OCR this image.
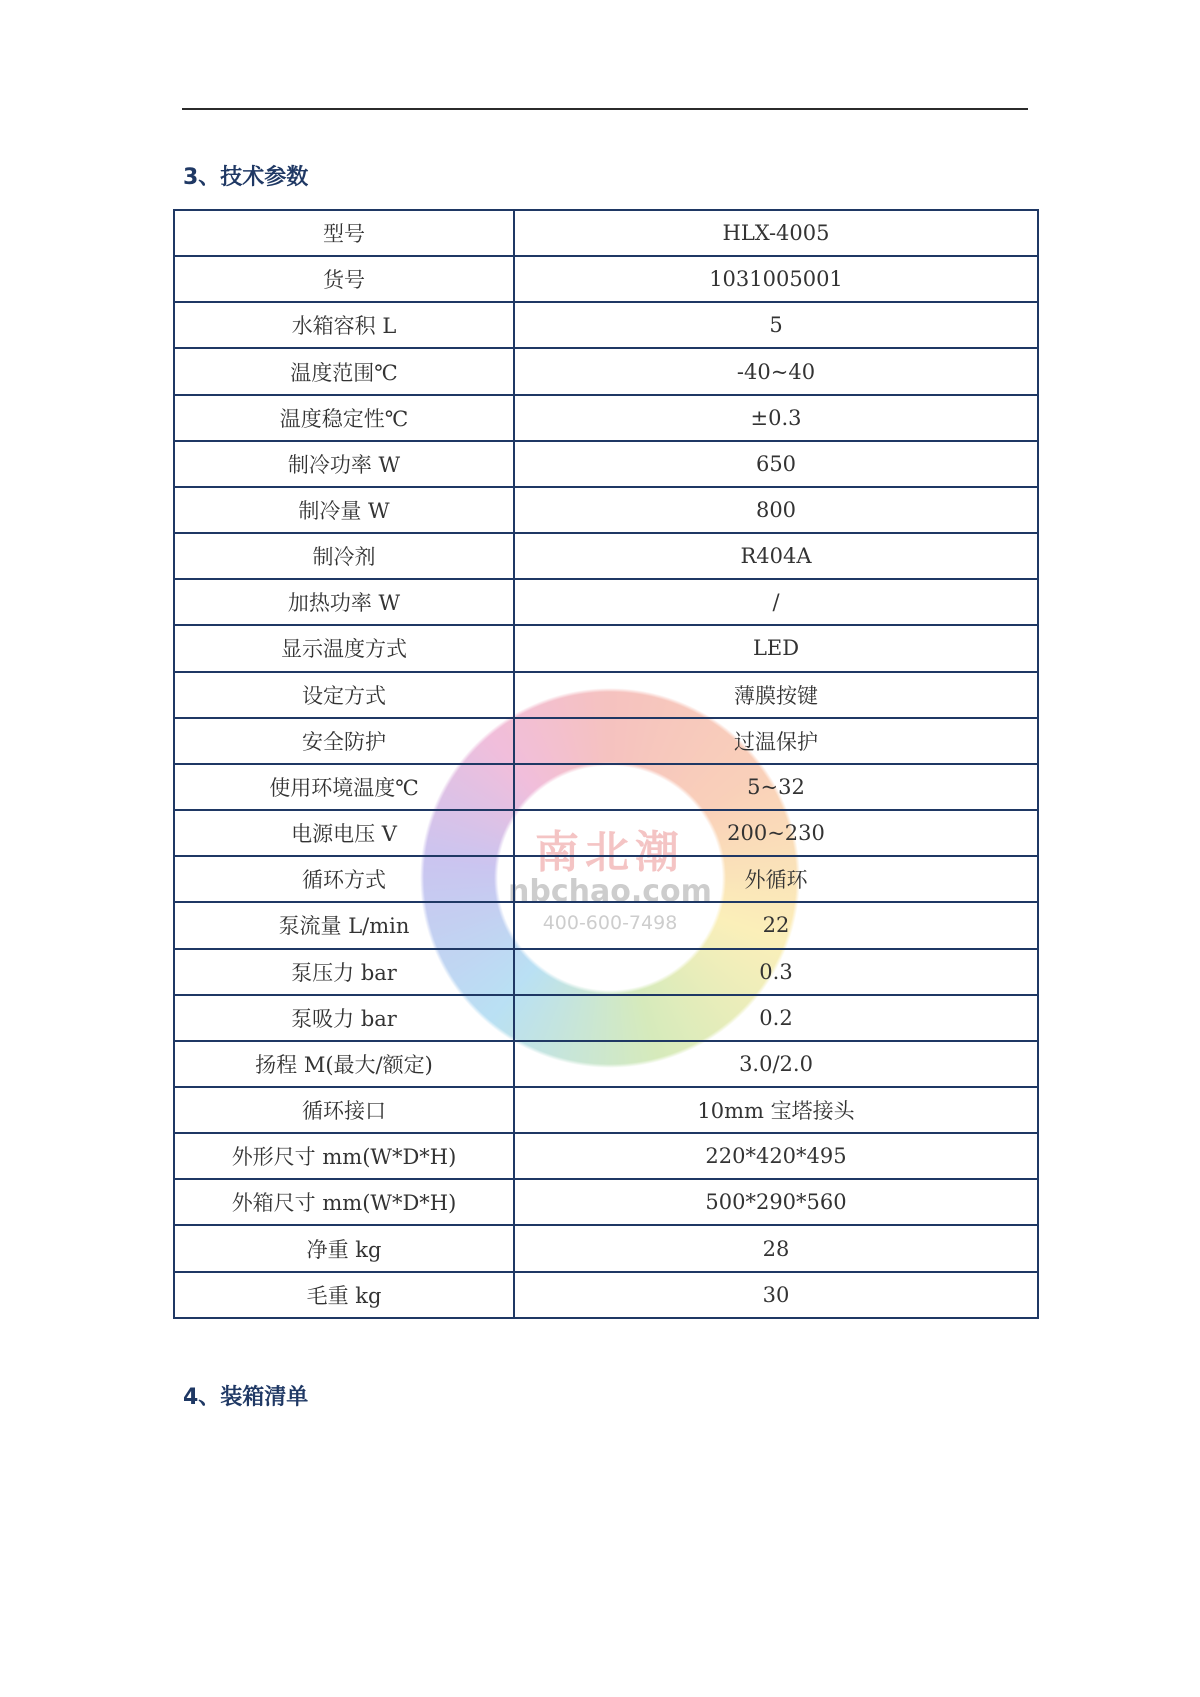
3、技术参数
南北潮
nbchao.com
400-600-7498
型号	HLX-4005
货号	1031005001
水箱容积 L	5
温度范围℃	-40~40
温度稳定性℃	±0.3
制冷功率 W	650
制冷量 W	800
制冷剂	R404A
加热功率 W	/
显示温度方式	LED
设定方式	薄膜按键
安全防护	过温保护
使用环境温度℃	5~32
电源电压 V	200~230
循环方式	外循环
泵流量 L/min	22
泵压力 bar	0.3
泵吸力 bar	0.2
扬程 M(最大/额定)	3.0/2.0
循环接口	10mm 宝塔接头
外形尺寸 mm(W*D*H)	220*420*495
外箱尺寸 mm(W*D*H)	500*290*560
净重 kg	28
毛重 kg	30
4、装箱清单
